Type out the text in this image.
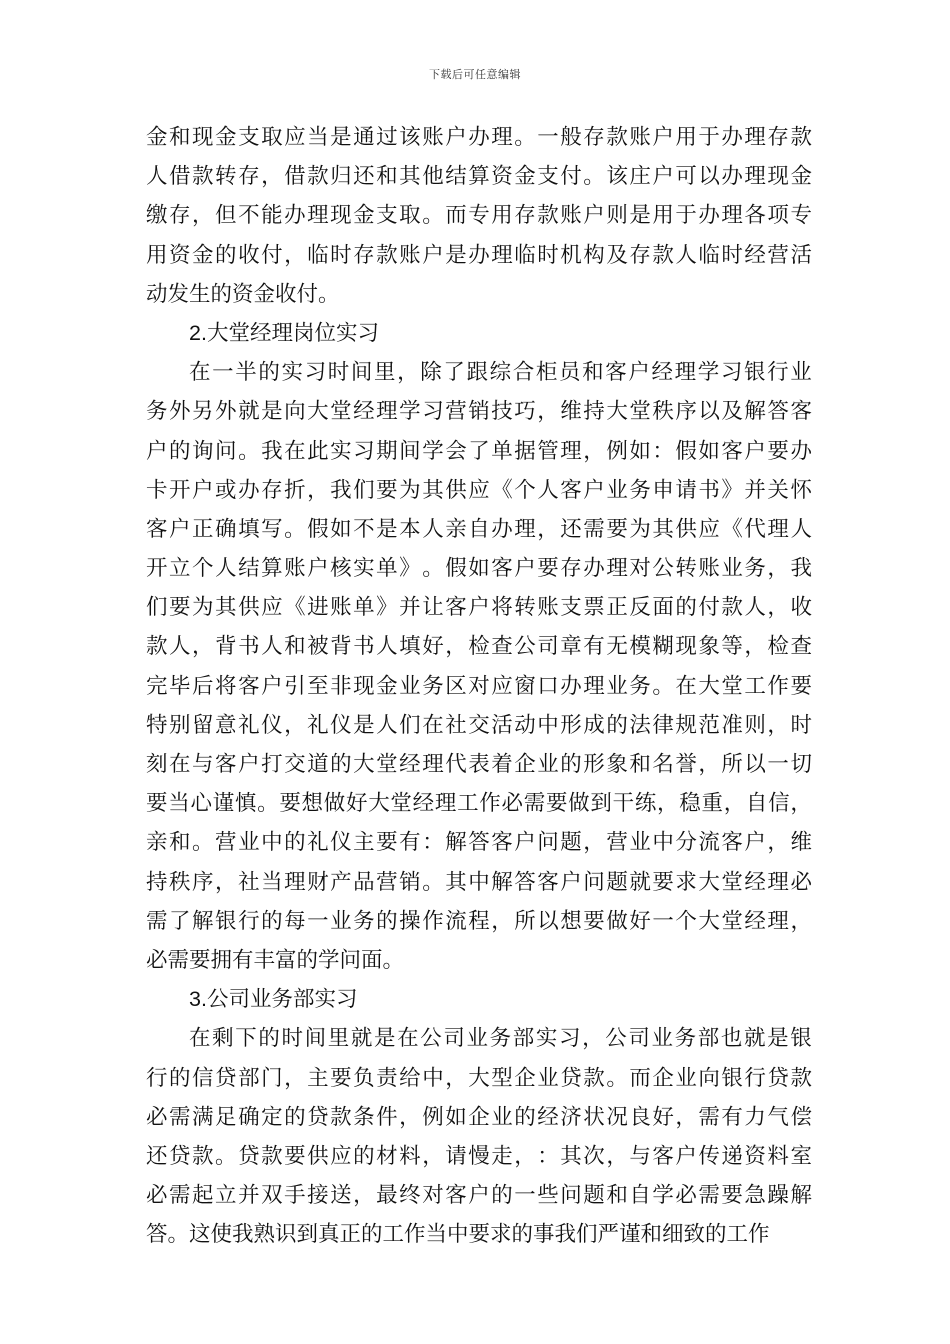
下载后可任意编辑
金 和 现 金 支 取 应 当 是 通 过 该 账 户 办 理 。 一 般 存 款 账 户 用 于 办 理 存 款
人 借 款 转 存 ， 借 款 归 还 和 其 他 结 算 资 金 支 付 。 该 庄 户 可 以 办 理 现 金
缴 存 ， 但 不 能 办 理 现 金 支 取 。 而 专 用 存 款 账 户 则 是 用 于 办 理 各 项 专
用 资 金 的 收 付 ， 临 时 存 款 账 户 是 办 理 临 时 机 构 及 存 款 人 临 时 经 营 活
动发生的资金收付。
2.大堂经理岗位实习
在 一 半 的 实 习 时 间 里 ， 除 了 跟 综 合 柜 员 和 客 户 经 理 学 习 银 行 业
务 外 另 外 就 是 向 大 堂 经 理 学 习 营 销 技 巧 ， 维 持 大 堂 秩 序 以 及 解 答 客
户 的 询 问 。 我 在 此 实 习 期 间 学 会 了 单 据 管 理 ， 例 如 ： 假 如 客 户 要 办
卡 开 户 或 办 存 折 ， 我 们 要 为 其 供 应 《 个 人 客 户 业 务 申 请 书 》 并 关 怀
客 户 正 确 填 写 。 假 如 不 是 本 人 亲 自 办 理 ， 还 需 要 为 其 供 应 《 代 理 人
开 立 个 人 结 算 账 户 核 实 单 》 。 假 如 客 户 要 存 办 理 对 公 转 账 业 务 ， 我
们 要 为 其 供 应 《 进 账 单 》 并 让 客 户 将 转 账 支 票 正 反 面 的 付 款 人 ， 收
款 人 ， 背 书 人 和 被 背 书 人 填 好 ， 检 查 公 司 章 有 无 模 糊 现 象 等 ， 检 查
完 毕 后 将 客 户 引 至 非 现 金 业 务 区 对 应 窗 口 办 理 业 务 。 在 大 堂 工 作 要
特 别 留 意 礼 仪 ， 礼 仪 是 人 们 在 社 交 活 动 中 形 成 的 法 律 规 范 准 则 ， 时
刻 在 与 客 户 打 交 道 的 大 堂 经 理 代 表 着 企 业 的 形 象 和 名 誉 ， 所 以 一 切
要 当 心 谨 慎 。 要 想 做 好 大 堂 经 理 工 作 必 需 要 做 到 干 练 ， 稳 重 ， 自 信 ，
亲 和 。 营 业 中 的 礼 仪 主 要 有 ： 解 答 客 户 问 题 ， 营 业 中 分 流 客 户 ， 维
持 秩 序 ， 社 当 理 财 产 品 营 销 。 其 中 解 答 客 户 问 题 就 要 求 大 堂 经 理 必
需 了 解 银 行 的 每 一 业 务 的 操 作 流 程 ， 所 以 想 要 做 好 一 个 大 堂 经 理 ，
必需要拥有丰富的学问面。
3.公司业务部实习
在 剩 下 的 时 间 里 就 是 在 公 司 业 务 部 实 习 ， 公 司 业 务 部 也 就 是 银
行 的 信 贷 部 门 ， 主 要 负 责 给 中 ， 大 型 企 业 贷 款 。 而 企 业 向 银 行 贷 款
必 需 满 足 确 定 的 贷 款 条 件 ， 例 如 企 业 的 经 济 状 况 良 好 ， 需 有 力 气 偿
还 贷 款 。 贷 款 要 供 应 的 材 料 ， 请 慢 走 ， ： 其 次 ， 与 客 户 传 递 资 料 室
必 需 起 立 并 双 手 接 送 ， 最 终 对 客 户 的 一 些 问 题 和 自 学 必 需 要 急 躁 解
答。这使我熟识到真正的工作当中要求的事我们严谨和细致的工作
